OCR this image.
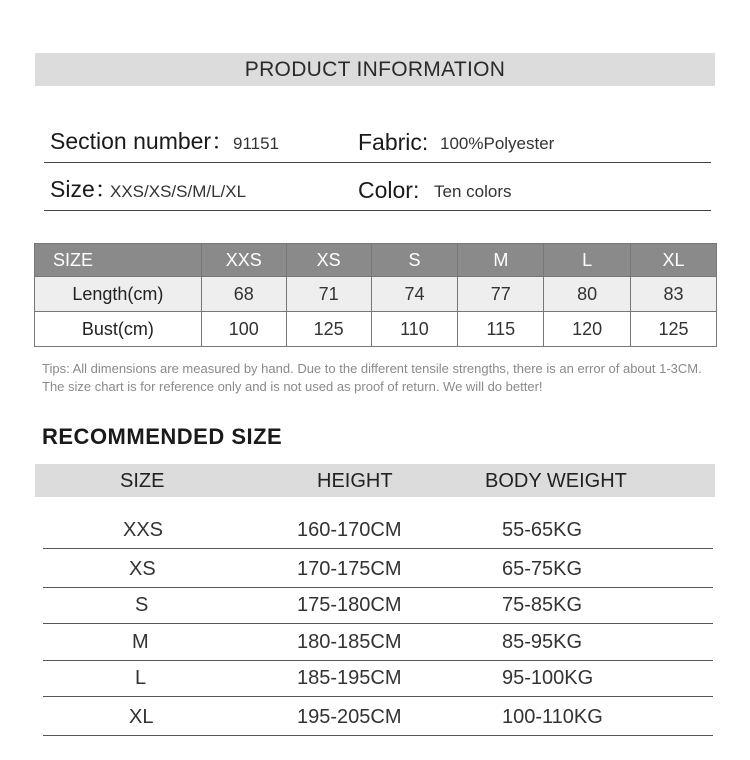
PRODUCT INFORMATION
Section number：
91151	Fabric: 100%Polyester
Size：
XXS/XS/S/M/L/XL	Color: Ten colors
SIZE	XXS	XS	S	M	L	XL
Length(cm)	68	71	74	77	80	83
Bust(cm)	100	125	110	115	120	125
Tips: All dimensions are measured by hand. Due to the different tensile strengths, there is an error of about 1-3CM. The size chart is for reference only and is not used as proof of return. We will do better!
RECOMMENDED SIZE
SIZE	HEIGHT	BODY WEIGHT
XXS	160-170CM	55-65KG
XS	170-175CM	65-75KG
S	175-180CM	75-85KG
M	180-185CM	85-95KG
L	185-195CM	95-100KG
XL	195-205CM	100-110KG
